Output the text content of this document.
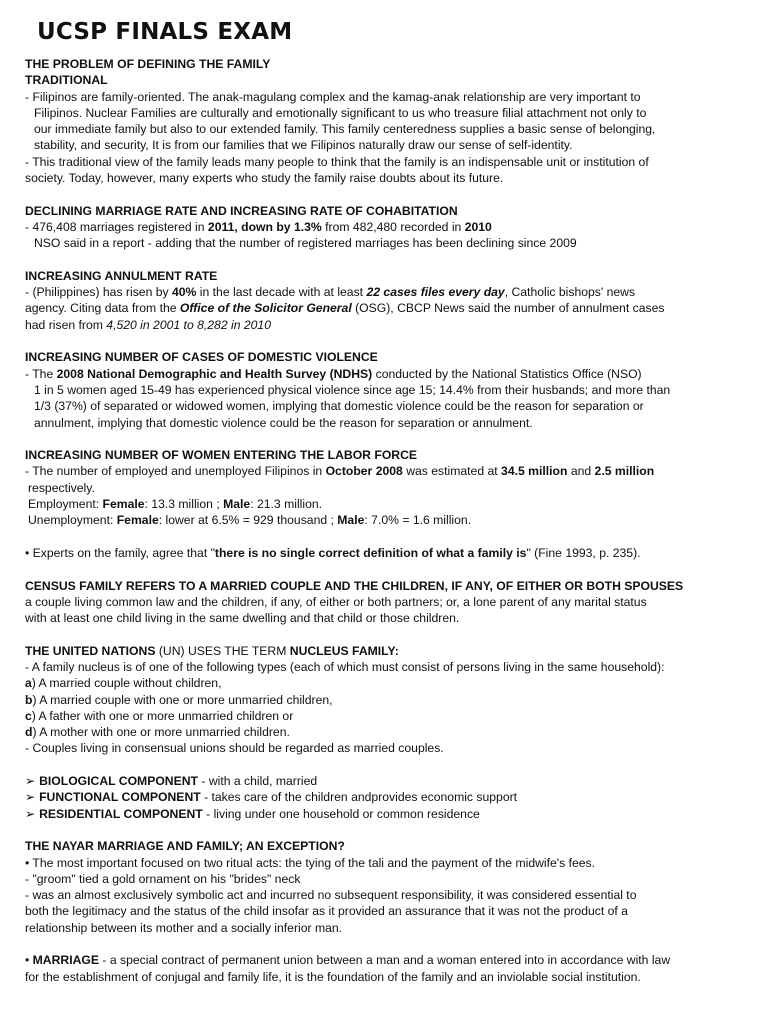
UCSP FINALS EXAM

THE PROBLEM OF DEFINING THE FAMILY

TRADITIONAL

- Filipinos are family-oriented. The anak-magulang complex and the kamag-anak relationship are very important to

Filipinos. Nuclear Families are culturally and emotionally significant to us who treasure filial attachment not only to

our immediate family but also to our extended family. This family centeredness supplies a basic sense of belonging,

stability, and security, It is from our families that we Filipinos naturally draw our sense of self-identity.

- This traditional view of the family leads many people to think that the family is an indispensable unit or institution of

society. Today, however, many experts who study the family raise doubts about its future.

DECLINING MARRIAGE RATE AND INCREASING RATE OF COHABITATION

- 476,408 marriages registered in 2011, down by 1.3% from 482,480 recorded in 2010

NSO said in a report - adding that the number of registered marriages has been declining since 2009

INCREASING ANNULMENT RATE

- (Philippines) has risen by 40% in the last decade with at least 22 cases files every day, Catholic bishops' news

agency. Citing data from the Office of the Solicitor General (OSG), CBCP News said the number of annulment cases

had risen from 4,520 in 2001 to 8,282 in 2010

INCREASING NUMBER OF CASES OF DOMESTIC VIOLENCE

- The 2008 National Demographic and Health Survey (NDHS) conducted by the National Statistics Office (NSO)

1 in 5 women aged 15-49 has experienced physical violence since age 15; 14.4% from their husbands; and more than

1/3 (37%) of separated or widowed women, implying that domestic violence could be the reason for separation or

annulment, implying that domestic violence could be the reason for separation or annulment.

INCREASING NUMBER OF WOMEN ENTERING THE LABOR FORCE

- The number of employed and unemployed Filipinos in October 2008 was estimated at 34.5 million and 2.5 million

respectively.

Employment: Female: 13.3 million ; Male: 21.3 million.

Unemployment: Female: lower at 6.5% = 929 thousand ; Male: 7.0% = 1.6 million.

• Experts on the family, agree that "there is no single correct definition of what a family is" (Fine 1993, p. 235).

CENSUS FAMILY REFERS TO A MARRIED COUPLE AND THE CHILDREN, IF ANY, OF EITHER OR BOTH SPOUSES

a couple living common law and the children, if any, of either or both partners; or, a lone parent of any marital status

with at least one child living in the same dwelling and that child or those children.

THE UNITED NATIONS (UN) USES THE TERM NUCLEUS FAMILY:

- A family nucleus is of one of the following types (each of which must consist of persons living in the same household):

a) A married couple without children,

b) A married couple with one or more unmarried children,

c) A father with one or more unmarried children or

d) A mother with one or more unmarried children.

- Couples living in consensual unions should be regarded as married couples.

➢ BIOLOGICAL COMPONENT - with a child, married

➢ FUNCTIONAL COMPONENT - takes care of the children andprovides economic support

➢ RESIDENTIAL COMPONENT - living under one household or common residence

THE NAYAR MARRIAGE AND FAMILY; AN EXCEPTION?

• The most important focused on two ritual acts: the tying of the tali and the payment of the midwife's fees.

- "groom" tied a gold ornament on his "brides" neck

- was an almost exclusively symbolic act and incurred no subsequent responsibility, it was considered essential to

both the legitimacy and the status of the child insofar as it provided an assurance that it was not the product of a

relationship between its mother and a socially inferior man.

• MARRIAGE - a special contract of permanent union between a man and a woman entered into in accordance with law

for the establishment of conjugal and family life, it is the foundation of the family and an inviolable social institution.
